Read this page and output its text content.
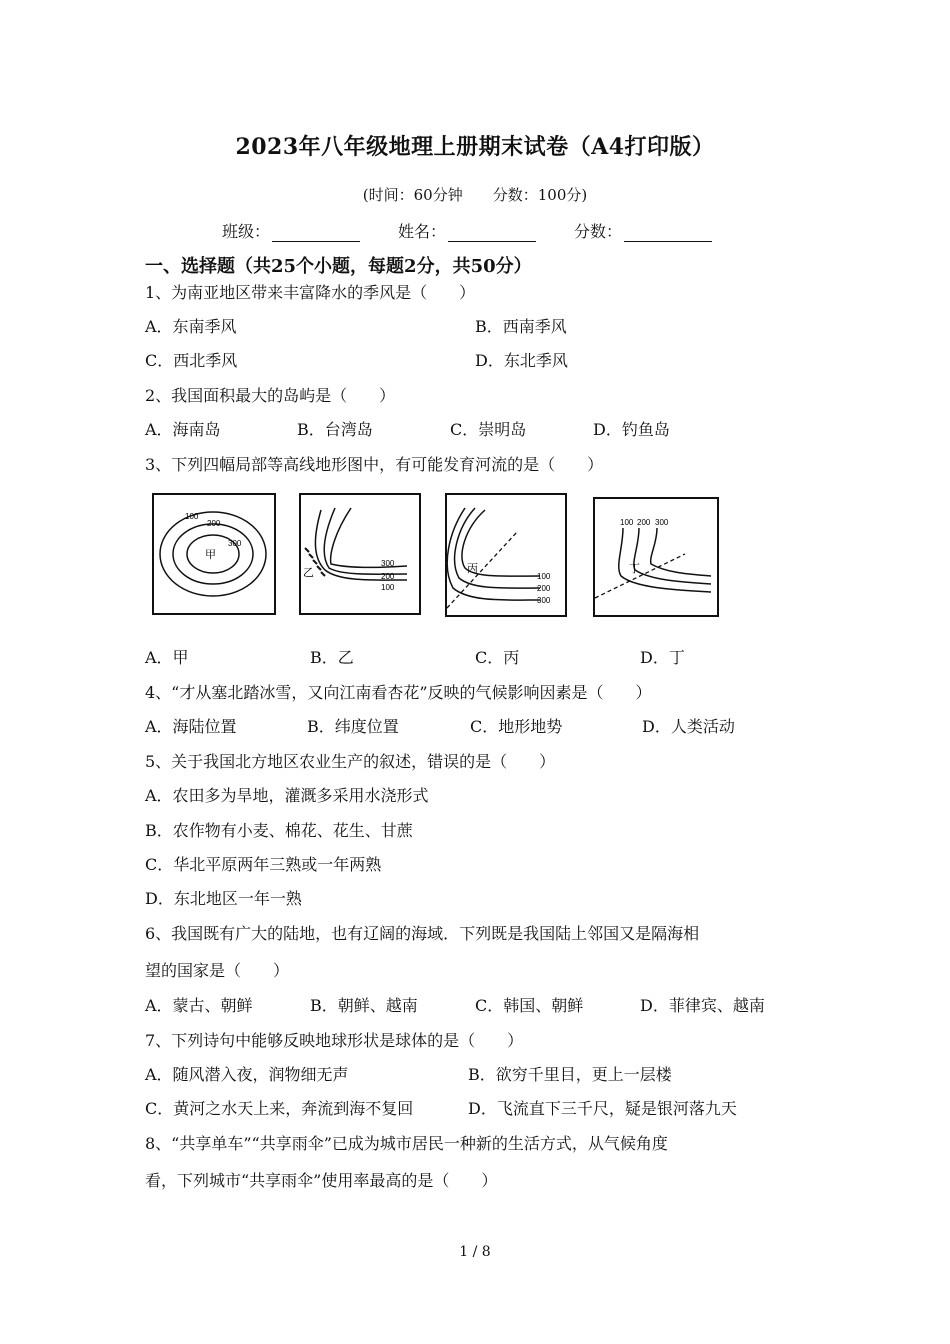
2023年八年级地理上册期末试卷（A4打印版）
(时间：60分钟 分数：100分)
班级：	姓名：	分数：
一、选择题（共25个小题，每题2分，共50分）
1、为南亚地区带来丰富降水的季风是（　　）
A．东南季风	B．西南季风
C．西北季风	D．东北季风
2、我国面积最大的岛屿是（　　）
A．海南岛	B．台湾岛	C．崇明岛	D．钓鱼岛
3、下列四幅局部等高线地形图中，有可能发育河流的是（　　）
100
200
300
甲
300
200
100
乙	100
200
300
丙
100 200 300
丁
A．甲	B．乙	C．丙	D．丁
4、“才从塞北踏冰雪，又向江南看杏花”反映的气候影响因素是（　　）
A．海陆位置	B．纬度位置	C．地形地势	D．人类活动
5、关于我国北方地区农业生产的叙述，错误的是（　　）
A．农田多为旱地，灌溉多采用水浇形式
B．农作物有小麦、棉花、花生、甘蔗
C．华北平原两年三熟或一年两熟
D．东北地区一年一熟
6、我国既有广大的陆地，也有辽阔的海域．下列既是我国陆上邻国又是隔海相
望的国家是（　　）
A．蒙古、朝鲜	B．朝鲜、越南	C．韩国、朝鲜	D．菲律宾、越南
7、下列诗句中能够反映地球形状是球体的是（　　）
A．随风潜入夜，润物细无声	B．欲穷千里目，更上一层楼
C．黄河之水天上来，奔流到海不复回	D．飞流直下三千尺，疑是银河落九天
8、“共享单车”“共享雨伞”已成为城市居民一种新的生活方式，从气候角度
看，下列城市“共享雨伞”使用率最高的是（　　）
1 / 8
